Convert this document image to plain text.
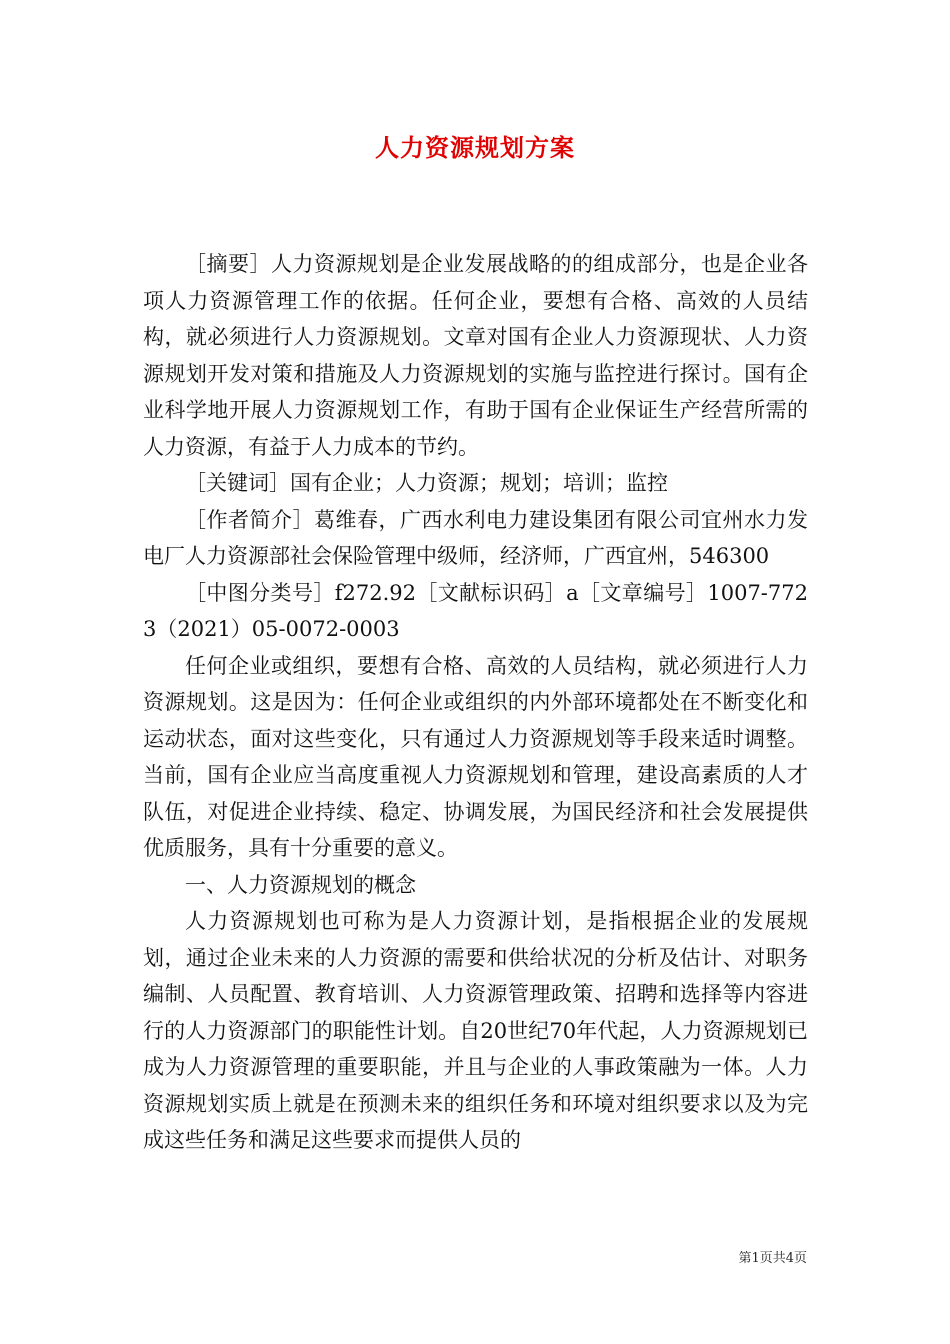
人力资源规划方案

［摘要］人力资源规划是企业发展战略的的组成部分，也是企业各项人力资源管理工作的依据。任何企业，要想有合格、高效的人员结构，就必须进行人力资源规划。文章对国有企业人力资源现状、人力资源规划开发对策和措施及人力资源规划的实施与监控进行探讨。国有企业科学地开展人力资源规划工作，有助于国有企业保证生产经营所需的人力资源，有益于人力成本的节约。

［关键词］国有企业；人力资源；规划；培训；监控

［作者简介］葛维春，广西水利电力建设集团有限公司宜州水力发电厂人力资源部社会保险管理中级师，经济师，广西宜州，546300

［中图分类号］f272.92［文献标识码］a［文章编号］1007-7723（2021）05-0072-0003

任何企业或组织，要想有合格、高效的人员结构，就必须进行人力资源规划。这是因为：任何企业或组织的内外部环境都处在不断变化和运动状态，面对这些变化，只有通过人力资源规划等手段来适时调整。当前，国有企业应当高度重视人力资源规划和管理，建设高素质的人才队伍，对促进企业持续、稳定、协调发展，为国民经济和社会发展提供优质服务，具有十分重要的意义。

一、人力资源规划的概念

人力资源规划也可称为是人力资源计划，是指根据企业的发展规划，通过企业未来的人力资源的需要和供给状况的分析及估计、对职务编制、人员配置、教育培训、人力资源管理政策、招聘和选择等内容进行的人力资源部门的职能性计划。自20世纪70年代起，人力资源规划已成为人力资源管理的重要职能，并且与企业的人事政策融为一体。人力资源规划实质上就是在预测未来的组织任务和环境对组织要求以及为完成这些任务和满足这些要求而提供人员的

第1页共4页
